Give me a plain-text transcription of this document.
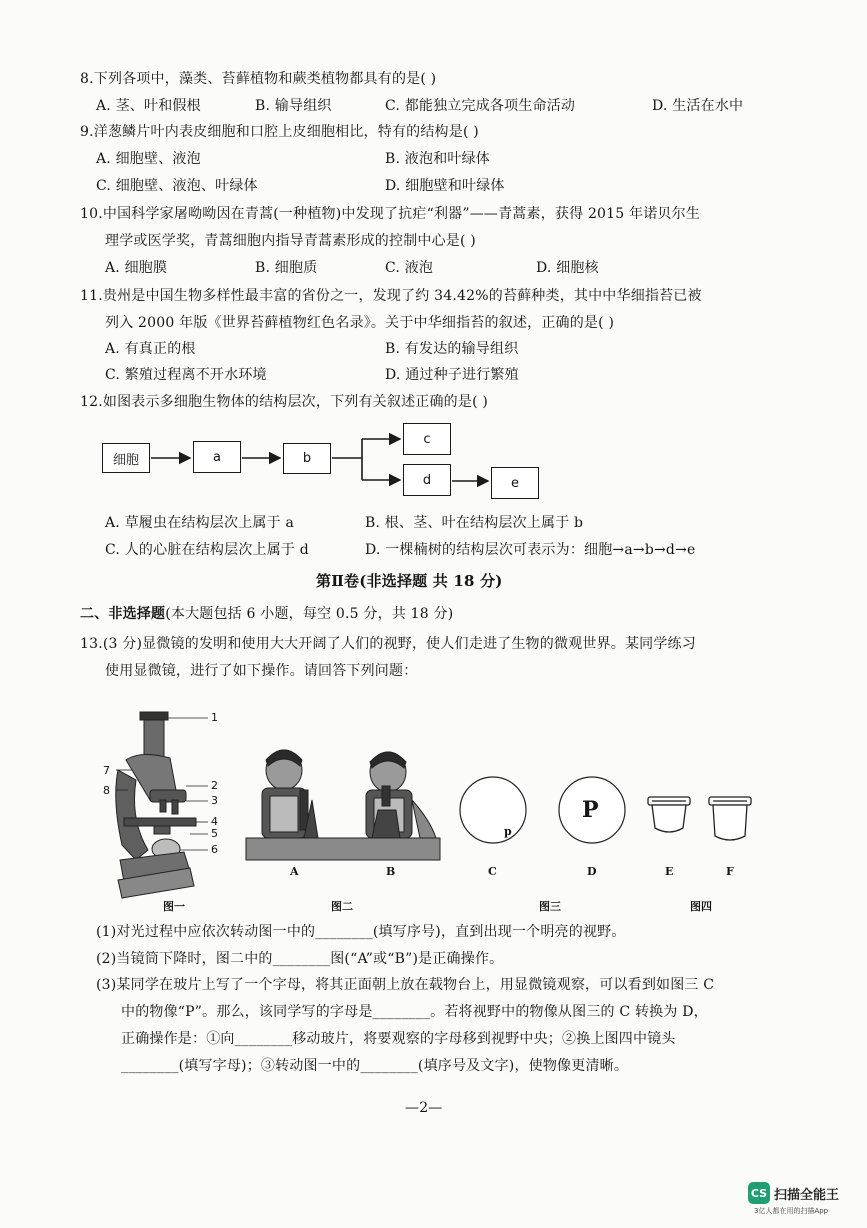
8.下列各项中，藻类、苔藓植物和蕨类植物都具有的是( )
A. 茎、叶和假根	B. 输导组织	C. 都能独立完成各项生命活动	D. 生活在水中
9.洋葱鳞片叶内表皮细胞和口腔上皮细胞相比，特有的结构是( )
A. 细胞壁、液泡	B. 液泡和叶绿体
C. 细胞壁、液泡、叶绿体	D. 细胞壁和叶绿体
10.中国科学家屠呦呦因在青蒿(一种植物)中发现了抗疟“利器”——青蒿素，获得 2015 年诺贝尔生
理学或医学奖，青蒿细胞内指导青蒿素形成的控制中心是( )
A. 细胞膜	B. 细胞质	C. 液泡	D. 细胞核
11.贵州是中国生物多样性最丰富的省份之一，发现了约 34.42%的苔藓种类，其中中华细指苔已被
列入 2000 年版《世界苔藓植物红色名录》。关于中华细指苔的叙述，正确的是( )
A. 有真正的根	B. 有发达的输导组织
C. 繁殖过程离不开水环境	D. 通过种子进行繁殖
12.如图表示多细胞生物体的结构层次，下列有关叙述正确的是( )
细胞	a	b
c
d	e
A. 草履虫在结构层次上属于 a	B. 根、茎、叶在结构层次上属于 b
C. 人的心脏在结构层次上属于 d	D. 一棵楠树的结构层次可表示为：细胞→a→b→d→e
第Ⅱ卷(非选择题 共 18 分)
二、非选择题(本大题包括 6 小题，每空 0.5 分，共 18 分)
13.(3 分)显微镜的发明和使用大大开阔了人们的视野，使人们走进了生物的微观世界。某同学练习
使用显微镜，进行了如下操作。请回答下列问题：
1
2
3
4
5
6
7
8
A	B
p
P
C	D	E	F
图一	图二	图三	图四
(1)对光过程中应依次转动图一中的________(填写序号)，直到出现一个明亮的视野。
(2)当镜筒下降时，图二中的________图(“A”或“B”)是正确操作。
(3)某同学在玻片上写了一个字母，将其正面朝上放在载物台上，用显微镜观察，可以看到如图三 C
中的物像“P”。那么，该同学写的字母是________。若将视野中的物像从图三的 C 转换为 D，
正确操作是：①向________移动玻片，将要观察的字母移到视野中央；②换上图四中镜头
________(填写字母)；③转动图一中的________(填序号及文字)，使物像更清晰。
—2—
CS 扫描全能王
3亿人都在用的扫描App
